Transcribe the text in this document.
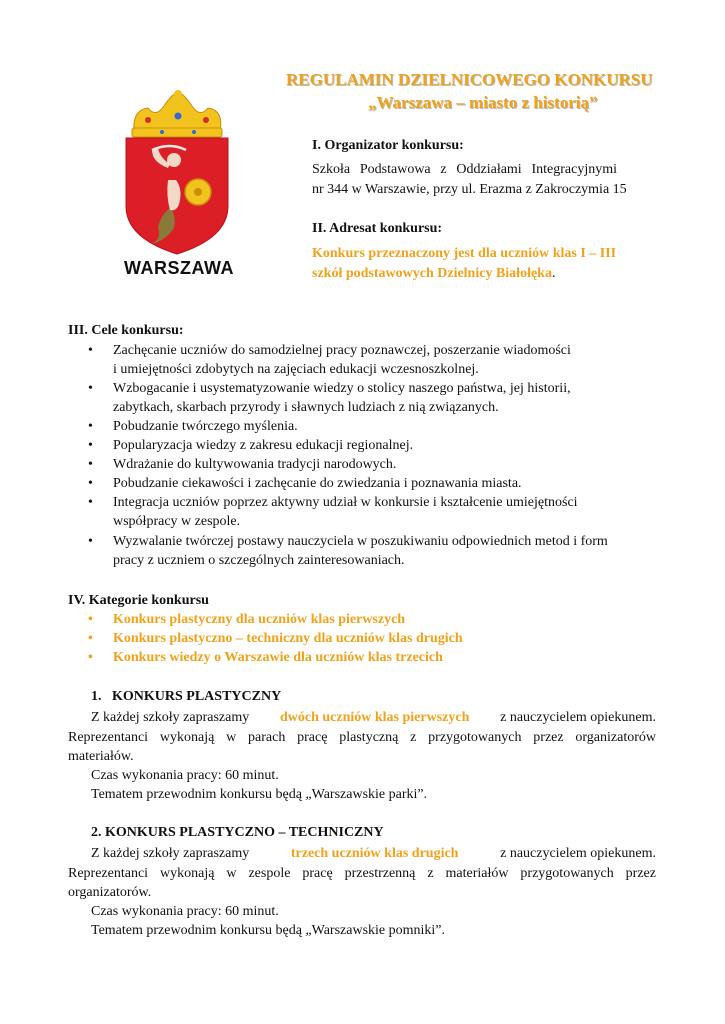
WARSZAWA
REGULAMIN DZIELNICOWEGO KONKURSU
„Warszawa – miasto z historią”
I. Organizator konkursu:
Szkoła Podstawowa z Oddziałami Integracyjnymi
nr 344 w Warszawie, przy ul. Erazma z Zakroczymia 15
II. Adresat konkursu:
Konkurs przeznaczony jest dla uczniów klas I – III
szkół podstawowych Dzielnicy Białołęka.
III. Cele konkursu:
• Zachęcanie uczniów do samodzielnej pracy poznawczej, poszerzanie wiadomości
i umiejętności zdobytych na zajęciach edukacji wczesnoszkolnej.
• Wzbogacanie i usystematyzowanie wiedzy o stolicy naszego państwa, jej historii,
zabytkach, skarbach przyrody i sławnych ludziach z nią związanych.
• Pobudzanie twórczego myślenia.
• Popularyzacja wiedzy z zakresu edukacji regionalnej.
• Wdrażanie do kultywowania tradycji narodowych.
• Pobudzanie ciekawości i zachęcanie do zwiedzania i poznawania miasta.
• Integracja uczniów poprzez aktywny udział w konkursie i kształcenie umiejętności
współpracy w zespole.
• Wyzwalanie twórczej postawy nauczyciela w poszukiwaniu odpowiednich metod i form
pracy z uczniem o szczególnych zainteresowaniach.
IV. Kategorie konkursu
• Konkurs plastyczny dla uczniów klas pierwszych
• Konkurs plastyczno – techniczny dla uczniów klas drugich
• Konkurs wiedzy o Warszawie dla uczniów klas trzecich
1. KONKURS PLASTYCZNY
Z każdej szkoły zapraszamy dwóch uczniów klas pierwszych z nauczycielem opiekunem.
Reprezentanci wykonają w parach pracę plastyczną z przygotowanych przez organizatorów
materiałów.
Czas wykonania pracy: 60 minut.
Tematem przewodnim konkursu będą „Warszawskie parki”.
2. KONKURS PLASTYCZNO – TECHNICZNY
Z każdej szkoły zapraszamy	trzech uczniów klas drugich	z nauczycielem opiekunem.
Reprezentanci wykonają w zespole pracę przestrzenną z materiałów przygotowanych przez
organizatorów.
Czas wykonania pracy: 60 minut.
Tematem przewodnim konkursu będą „Warszawskie pomniki”.
